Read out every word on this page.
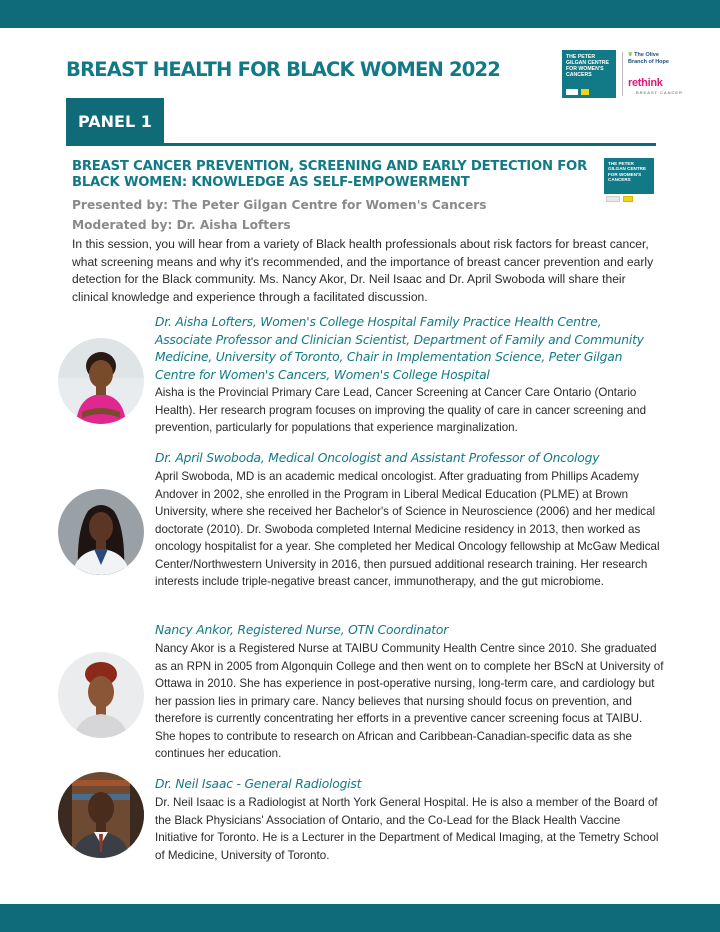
BREAST HEALTH FOR BLACK WOMEN 2022
THE PETER GILGAN CENTRE FOR WOMEN'S CANCERS
❦ The Olive Branch of Hope
rethink
BREAST CANCER
PANEL 1
BREAST CANCER PREVENTION, SCREENING AND EARLY DETECTION FOR BLACK WOMEN: KNOWLEDGE AS SELF-EMPOWERMENT
THE PETER GILGAN CENTRE FOR WOMEN'S CANCERS
Presented by: The Peter Gilgan Centre for Women's Cancers
Moderated by: Dr. Aisha Lofters

In this session, you will hear from a variety of Black health professionals about risk factors for breast cancer, what screening means and why it's recommended, and the importance of breast cancer prevention and early detection for the Black community. Ms. Nancy Akor, Dr. Neil Isaac and Dr. April Swoboda will share their clinical knowledge and experience through a facilitated discussion.

Dr. Aisha Lofters, Women's College Hospital Family Practice Health Centre, Associate Professor and Clinician Scientist, Department of Family and Community Medicine, University of Toronto, Chair in Implementation Science, Peter Gilgan Centre for Women's Cancers, Women's College Hospital
Aisha is the Provincial Primary Care Lead, Cancer Screening at Cancer Care Ontario (Ontario Health). Her research program focuses on improving the quality of care in cancer screening and prevention, particularly for populations that experience marginalization.
Dr. April Swoboda, Medical Oncologist and Assistant Professor of Oncology
April Swoboda, MD is an academic medical oncologist. After graduating from Phillips Academy Andover in 2002, she enrolled in the Program in Liberal Medical Education (PLME) at Brown University, where she received her Bachelor's of Science in Neuroscience (2006) and her medical doctorate (2010). Dr. Swoboda completed Internal Medicine residency in 2013, then worked as oncology hospitalist for a year. She completed her Medical Oncology fellowship at McGaw Medical Center/Northwestern University in 2016, then pursued additional research training. Her research interests include triple-negative breast cancer, immunotherapy, and the gut microbiome.
Nancy Ankor, Registered Nurse, OTN Coordinator
Nancy Akor is a Registered Nurse at TAIBU Community Health Centre since 2010. She graduated as an RPN in 2005 from Algonquin College and then went on to complete her BScN at University of Ottawa in 2010. She has experience in post-operative nursing, long-term care, and cardiology but her passion lies in primary care. Nancy believes that nursing should focus on prevention, and therefore is currently concentrating her efforts in a preventive cancer screening focus at TAIBU. She hopes to contribute to research on African and Caribbean-Canadian-specific data as she continues her education.
Dr. Neil Isaac - General Radiologist
Dr. Neil Isaac is a Radiologist at North York General Hospital. He is also a member of the Board of the Black Physicians' Association of Ontario, and the Co-Lead for the Black Health Vaccine Initiative for Toronto. He is a Lecturer in the Department of Medical Imaging, at the Temetry School of Medicine, University of Toronto.
